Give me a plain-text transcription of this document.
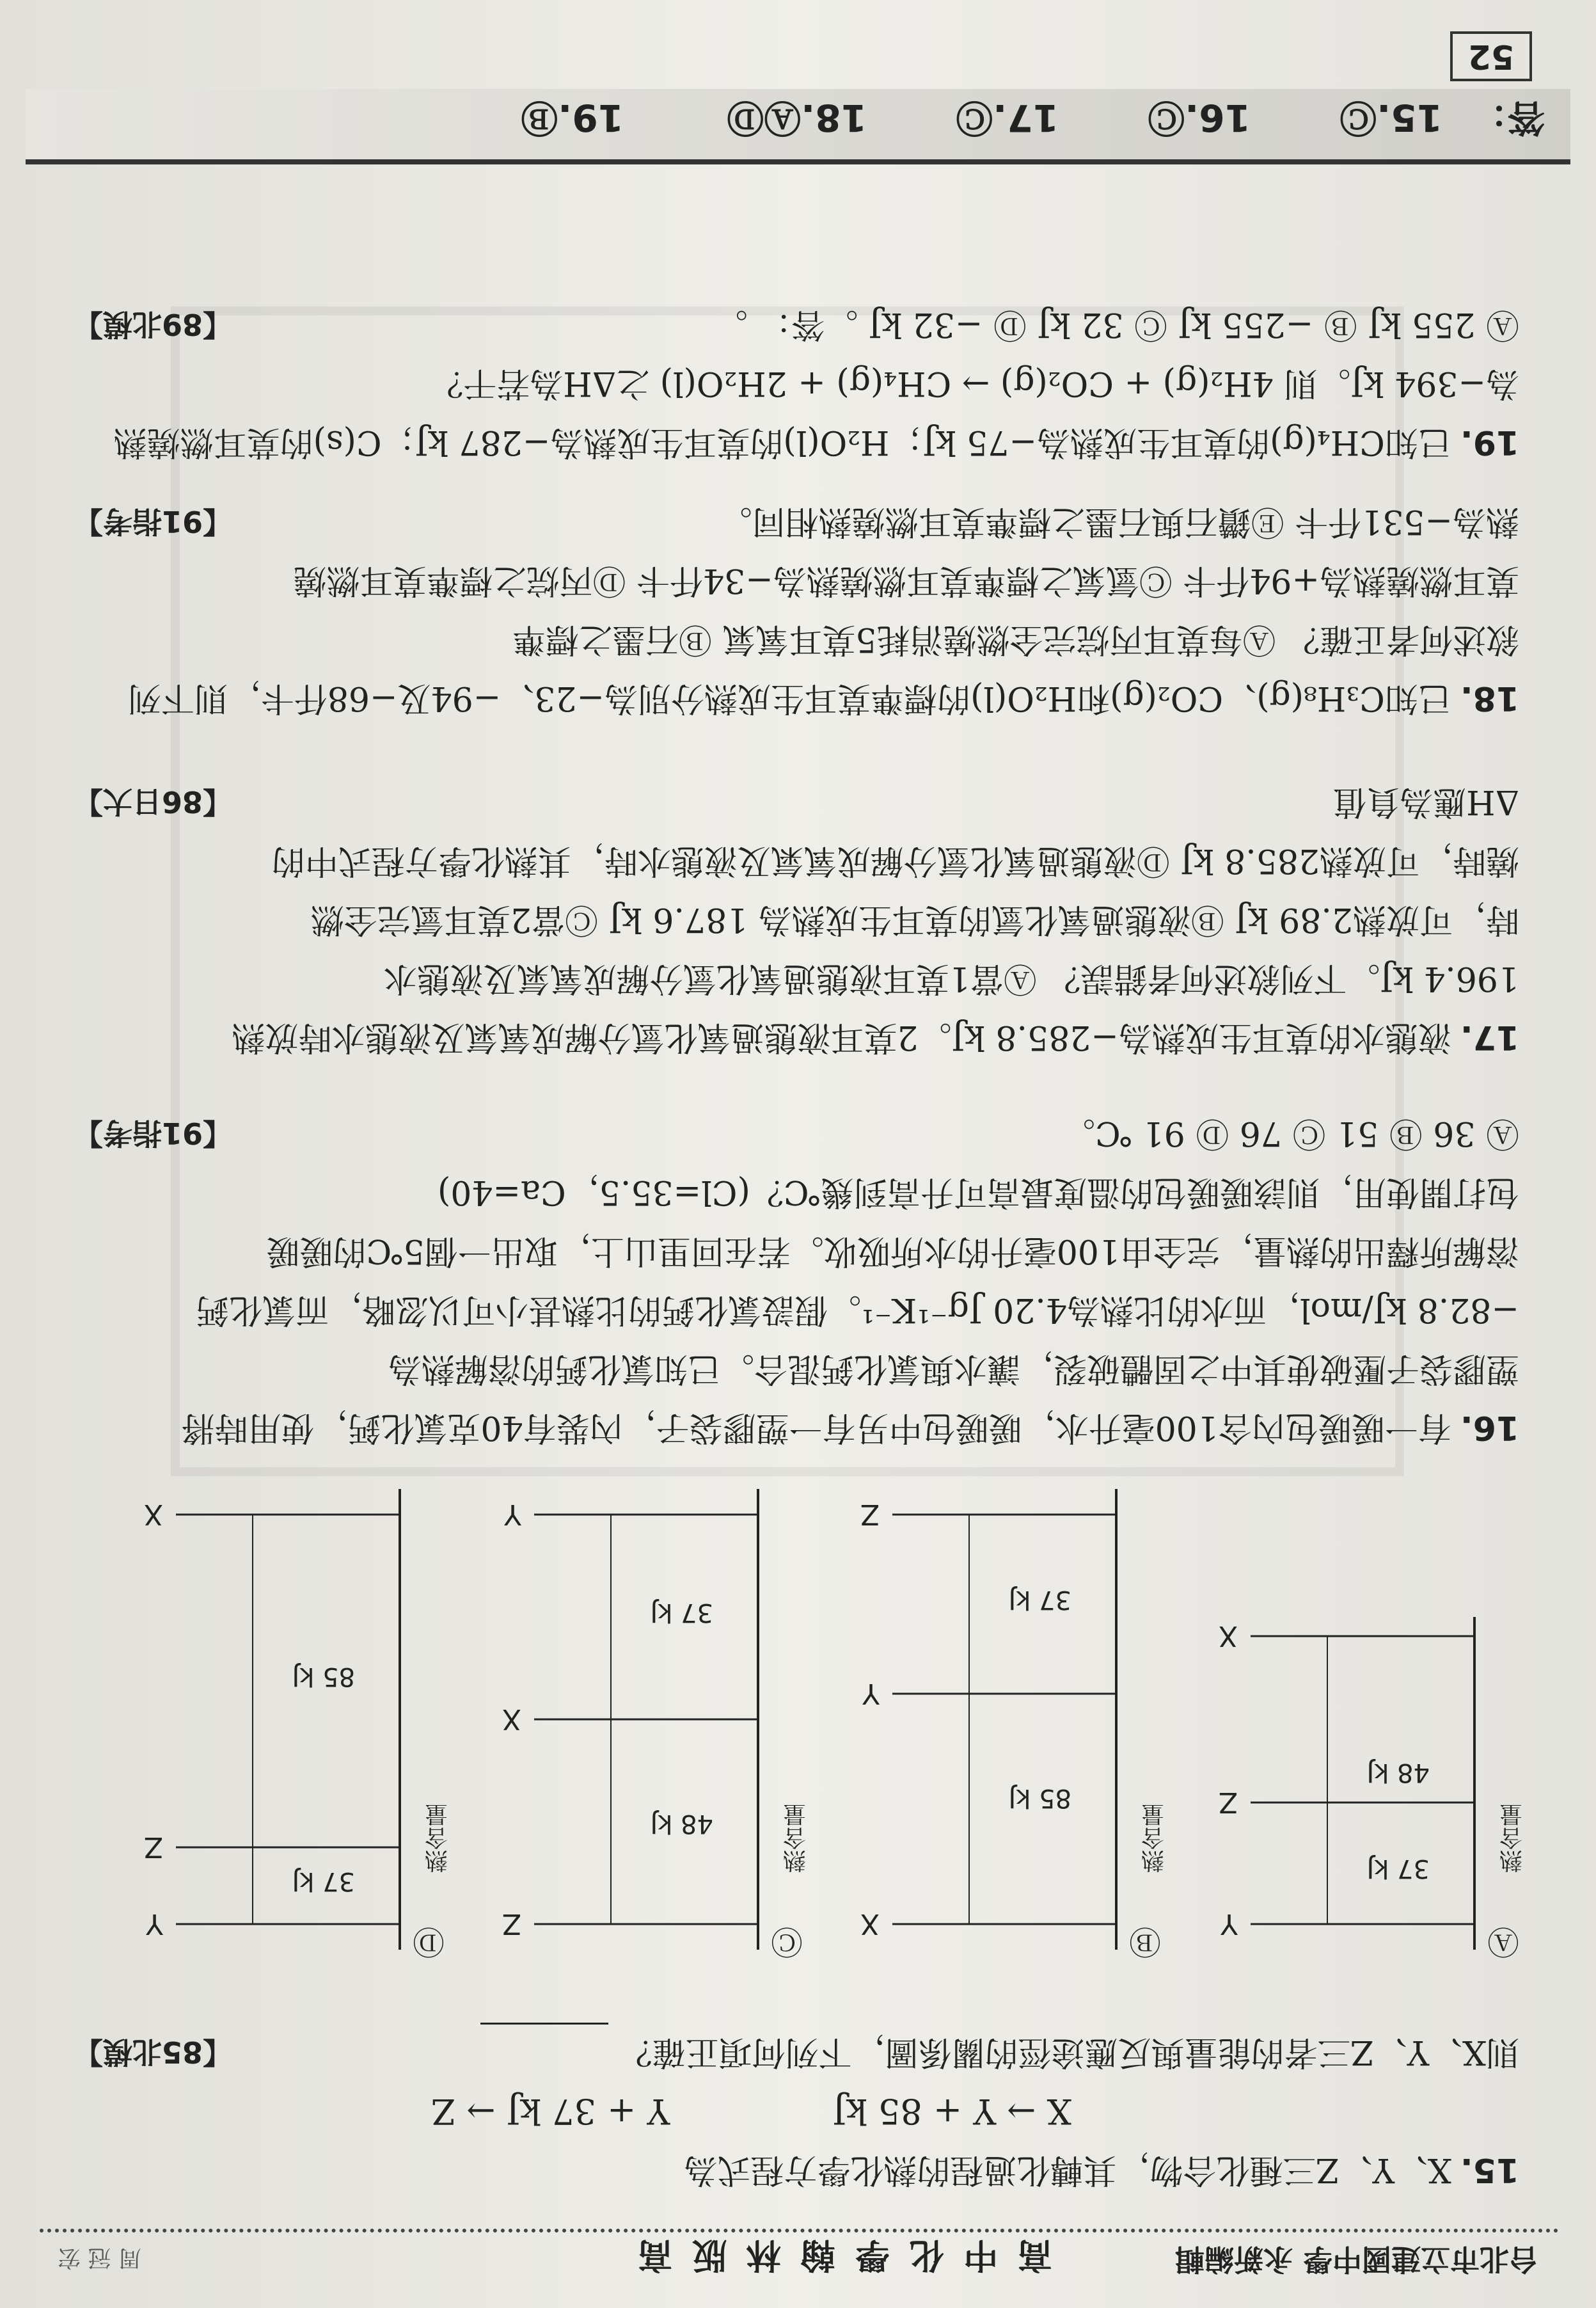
台北市立建國中學 永新編輯
高 中 化 學 翰 林 版 高
周 冠 宏
15.X、Y、Z三種化合物，其轉化過程的熱化學方程式為
X → Y + 85 kJ  Y + 37 kJ → Z
則X、Y、Z三者的能量與反應途徑的關係圖，下列何項正確？
【85北模】
Ⓐ
熱含量
Y
Z
X
48 kJ
37 kJ
Ⓑ
熱含量
X
Y
Z
85 kJ
37 kJ
Ⓒ
熱含量
Z
X
Y
48 kJ
37 kJ
Ⓓ
熱含量
Y
Z
X
37 kJ
85 kJ
16.有一暖暖包內含100毫升水，暖暖包中另有一塑膠袋子，內裝有40克氯化鈣，使用時將
塑膠袋子壓破使其中之固體破裂，讓水與氯化鈣混合。已知氯化鈣的溶解熱為
−82.8 kJ/mol，而水的比熱為4.20 Jg⁻¹K⁻¹。假設氯化鈣的比熱甚小可以忽略，而氯化鈣
溶解所釋出的熱量，完全由100毫升的水所吸收。若在回里山上，取出一個5℃的暖暖
包打開使用，則該暖暖包的溫度最高可升高到幾℃？(Cl=35.5，Ca=40)
Ⓐ 36 Ⓑ 51 Ⓒ 76 Ⓓ 91 ℃。
【91指考】
17.液態水的莫耳生成熱為−285.8 kJ。2莫耳液態過氧化氫分解成氧氣及液態水時放熱
196.4 kJ。下列敘述何者錯誤？ Ⓐ當1莫耳液態過氧化氫分解成氧氣及液態水
時，可放熱2.89 kJ Ⓑ液態過氧化氫的莫耳生成熱為 187.6 kJ Ⓒ當2莫耳氫完全燃
燒時，可放熱285.8 kJ Ⓓ液態過氧化氫分解成氧氣及液態水時，其熱化學方程式中的
ΔH應為負值
【86日大】
18.已知C₃H₈(g)、CO₂(g)和H₂O(l)的標準莫耳生成熱分別為−23、−94及−68仟卡，則下列
敘述何者正確？ Ⓐ每莫耳丙烷完全燃燒消耗5莫耳氧氣 Ⓑ石墨之標準
莫耳燃燒熱為+94仟卡 Ⓒ氫氣之標準莫耳燃燒熱為−34仟卡 Ⓓ丙烷之標準莫耳燃燒
熱為−531仟卡 Ⓔ鑽石與石墨之標準莫耳燃燒熱相同。
【91指考】
19.已知CH₄(g)的莫耳生成熱為−75 kJ；H₂O(l)的莫耳生成熱為−287 kJ；C(s)的莫耳燃燒熱
為−394 kJ。則 4H₂(g) + CO₂(g) → CH₄(g) + 2H₂O(l) 之ΔH為若干？
Ⓐ 255 kJ Ⓑ −255 kJ Ⓒ 32 kJ Ⓓ −32 kJ 。答： 。
【89北模】
答：
15.Ⓒ
16.Ⓒ
17.Ⓒ
18.ⒶⒹ
19.Ⓑ
52
